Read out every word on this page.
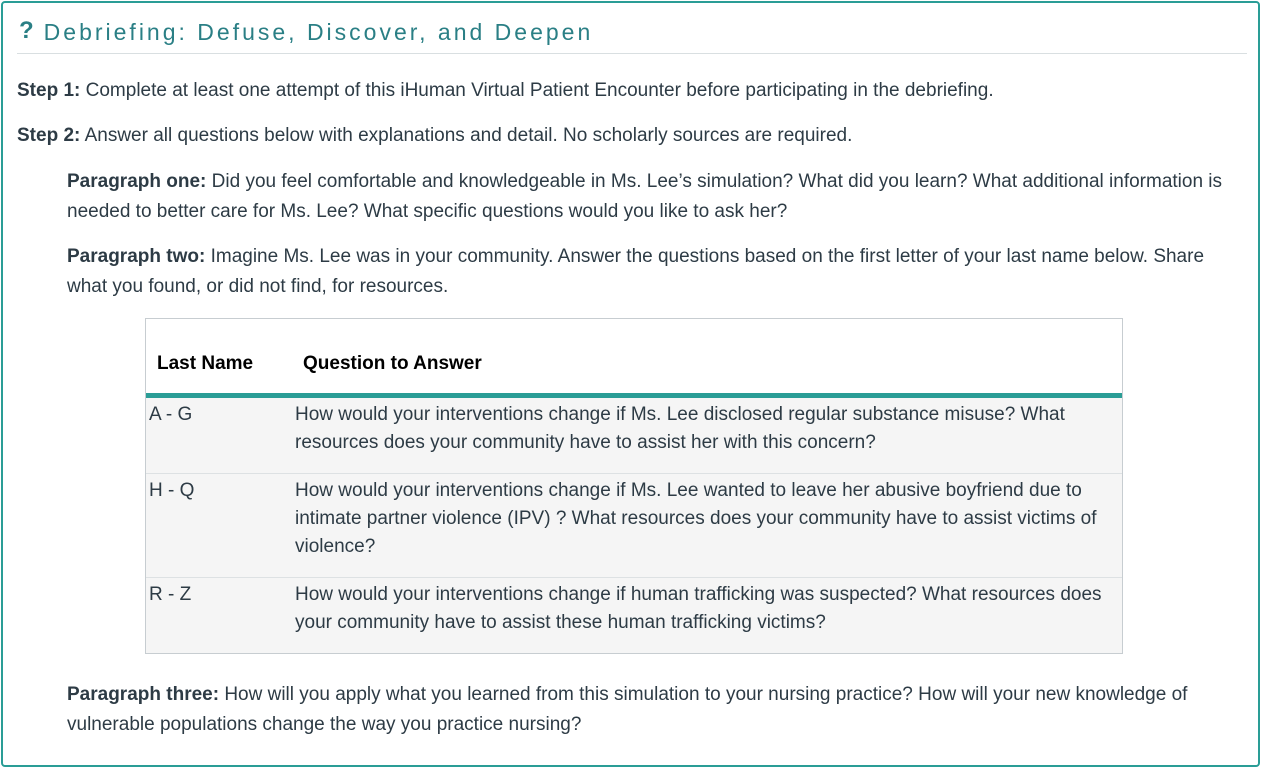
? Debriefing: Defuse, Discover, and Deepen
Step 1: Complete at least one attempt of this iHuman Virtual Patient Encounter before participating in the debriefing.
Step 2: Answer all questions below with explanations and detail. No scholarly sources are required.
Paragraph one: Did you feel comfortable and knowledgeable in Ms. Lee’s simulation? What did you learn? What additional information is needed to better care for Ms. Lee? What specific questions would you like to ask her?
Paragraph two: Imagine Ms. Lee was in your community. Answer the questions based on the first letter of your last name below. Share what you found, or did not find, for resources.
Last Name	Question to Answer
A - G	How would your interventions change if Ms. Lee disclosed regular substance misuse? What resources does your community have to assist her with this concern?
H - Q	How would your interventions change if Ms. Lee wanted to leave her abusive boyfriend due to intimate partner violence (IPV) ? What resources does your community have to assist victims of violence?
R - Z	How would your interventions change if human trafficking was suspected? What resources does your community have to assist these human trafficking victims?
Paragraph three: How will you apply what you learned from this simulation to your nursing practice? How will your new knowledge of vulnerable populations change the way you practice nursing?
